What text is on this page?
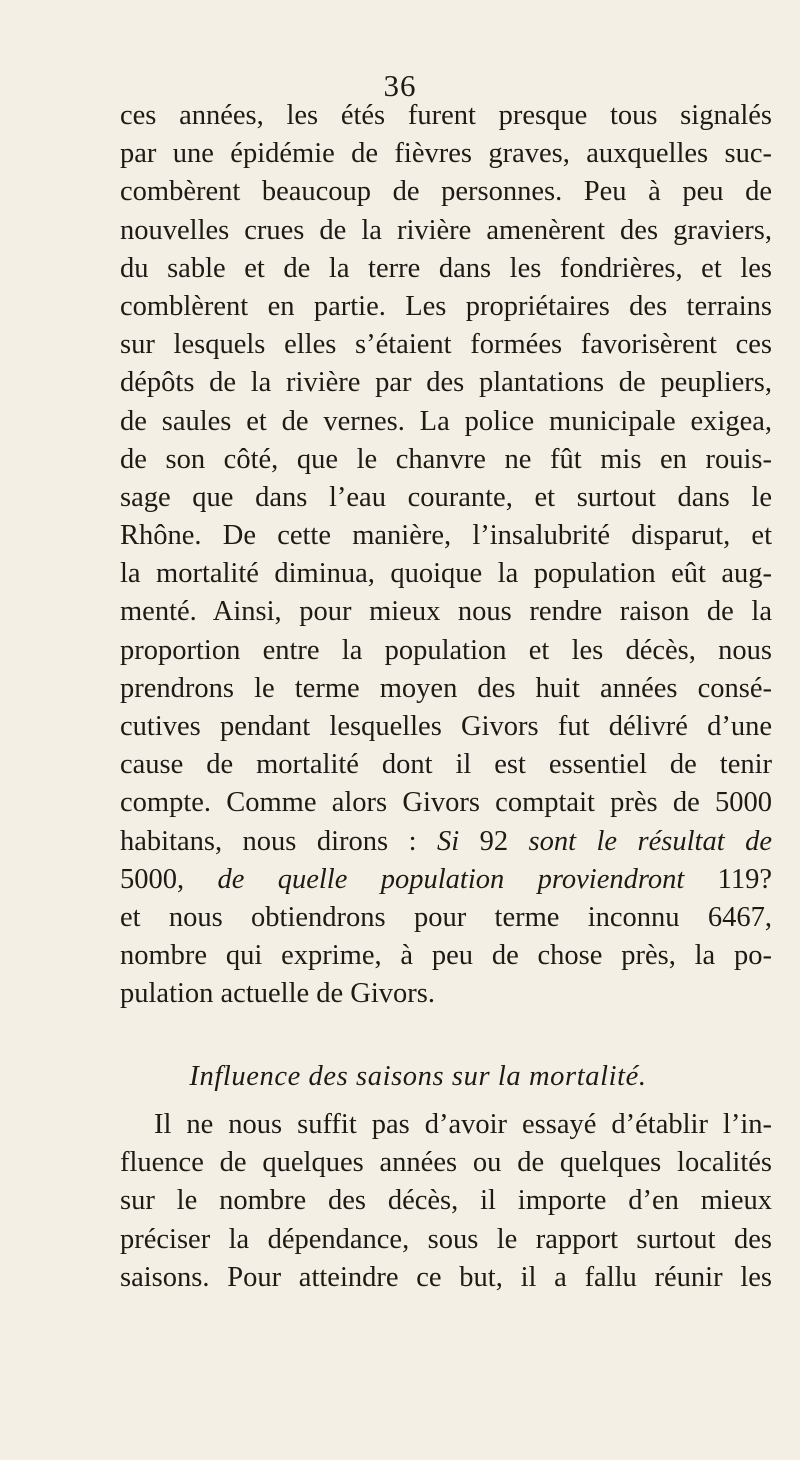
36
ces années, les étés furent presque tous signalés
par une épidémie de fièvres graves, auxquelles suc-
combèrent beaucoup de personnes. Peu à peu de
nouvelles crues de la rivière amenèrent des graviers,
du sable et de la terre dans les fondrières, et les
comblèrent en partie. Les propriétaires des terrains
sur lesquels elles s’étaient formées favorisèrent ces
dépôts de la rivière par des plantations de peupliers,
de saules et de vernes. La police municipale exigea,
de son côté, que le chanvre ne fût mis en rouis-
sage que dans l’eau courante, et surtout dans le
Rhône. De cette manière, l’insalubrité disparut, et
la mortalité diminua, quoique la population eût aug-
menté. Ainsi, pour mieux nous rendre raison de la
proportion entre la population et les décès, nous
prendrons le terme moyen des huit années consé-
cutives pendant lesquelles Givors fut délivré d’une
cause de mortalité dont il est essentiel de tenir
compte. Comme alors Givors comptait près de 5000
habitans, nous dirons : Si 92 sont le résultat de
5000, de quelle population proviendront 119?
et nous obtiendrons pour terme inconnu 6467,
nombre qui exprime, à peu de chose près, la po-
pulation actuelle de Givors.
Influence des saisons sur la mortalité.
Il ne nous suffit pas d’avoir essayé d’établir l’in-
fluence de quelques années ou de quelques localités
sur le nombre des décès, il importe d’en mieux
préciser la dépendance, sous le rapport surtout des
saisons. Pour atteindre ce but, il a fallu réunir les
